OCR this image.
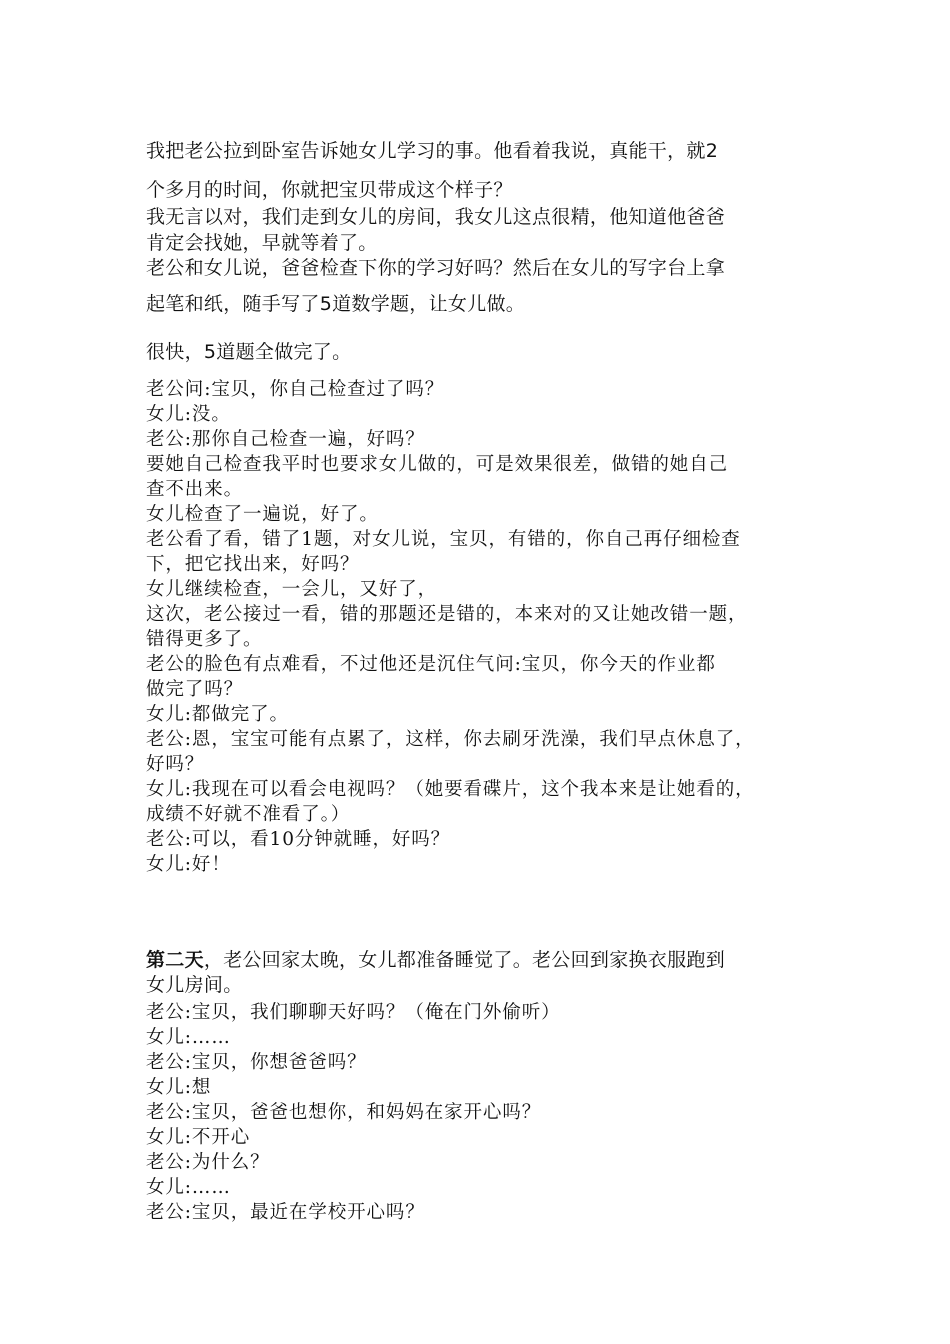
我把老公拉到卧室告诉她女儿学习的事。他看着我说，真能干，就2

个多月的时间，你就把宝贝带成这个样子？

我无言以对，我们走到女儿的房间，我女儿这点很精，他知道他爸爸

肯定会找她，早就等着了。

老公和女儿说，爸爸检查下你的学习好吗？然后在女儿的写字台上拿

起笔和纸，随手写了5道数学题，让女儿做。

很快，5道题全做完了。

老公问:宝贝，你自己检查过了吗？

女儿:没。

老公:那你自己检查一遍，好吗？

要她自己检查我平时也要求女儿做的，可是效果很差，做错的她自己

查不出来。

女儿检查了一遍说，好了。

老公看了看，错了1题，对女儿说，宝贝，有错的，你自己再仔细检查

下，把它找出来，好吗？

女儿继续检查，一会儿，又好了，

这次，老公接过一看，错的那题还是错的，本来对的又让她改错一题，

错得更多了。

老公的脸色有点难看，不过他还是沉住气问:宝贝，你今天的作业都

做完了吗？

女儿:都做完了。

老公:恩，宝宝可能有点累了，这样，你去刷牙洗澡，我们早点休息了，

好吗？

女儿:我现在可以看会电视吗？（她要看碟片，这个我本来是让她看的，

成绩不好就不准看了。）

老公:可以，看10分钟就睡，好吗？

女儿:好！

第二天，老公回家太晚，女儿都准备睡觉了。老公回到家换衣服跑到

女儿房间。

老公:宝贝，我们聊聊天好吗？（俺在门外偷听）

女儿:……

老公:宝贝，你想爸爸吗？

女儿:想

老公:宝贝，爸爸也想你，和妈妈在家开心吗？

女儿:不开心

老公:为什么？

女儿:……

老公:宝贝，最近在学校开心吗？
